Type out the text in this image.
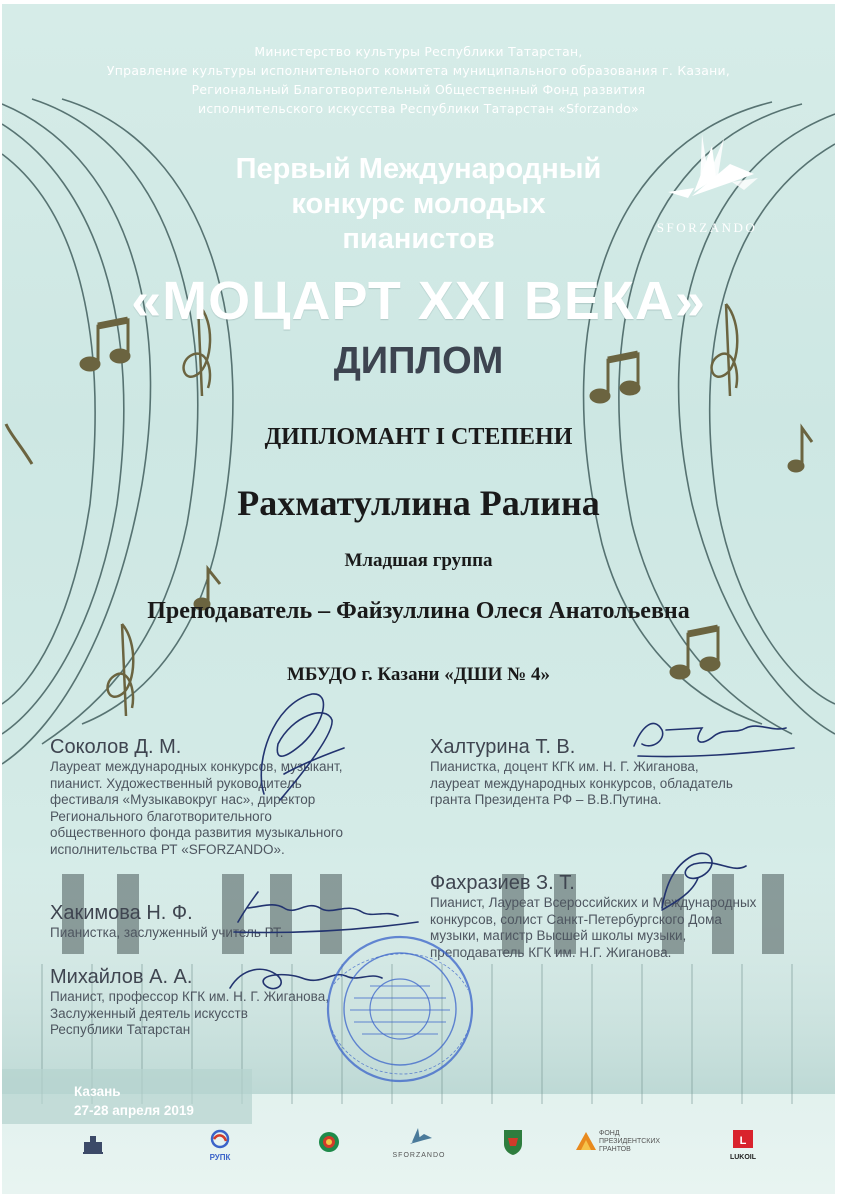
Министерство культуры Республики Татарстан,
Управление культуры исполнительного комитета муниципального образования г. Казани,
Региональный Благотворительный Общественный Фонд развития
исполнительского искусства Республики Татарстан «Sforzando»
SFORZANDO
Первый Международный
конкурс молодых
пианистов
«МОЦАРТ XXI ВЕКА»
ДИПЛОМ
ДИПЛОМАНТ I СТЕПЕНИ
Рахматуллина Ралина
Младшая группа
Преподаватель – Файзуллина Олеся Анатольевна
МБУДО г. Казани «ДШИ № 4»
Соколов Д. М.
Лауреат международных конкурсов, музыкант,
пианист. Художественный руководитель
фестиваля «Музыкавокруг нас», директор
Регионального благотворительного
общественного фонда развития музыкального
исполнительства РТ «SFORZANDO».
Халтурина Т. В.
Пианистка, доцент КГК им. Н. Г. Жиганова,
лауреат международных конкурсов, обладатель
гранта Президента РФ – В.В.Путина.
Фахразиев З. Т.
Пианист, Лауреат Всероссийских и Международных
конкурсов, солист Санкт-Петербургского Дома
музыки, магистр Высшей школы музыки,
преподаватель КГК им. Н.Г. Жиганова.
Хакимова Н. Ф.
Пианистка, заслуженный учитель РТ.
Михайлов А. А.
Пианист, профессор КГК им. Н. Г. Жиганова,
Заслуженный деятель искусств
Республики Татарстан
Казань
27-28 апреля 2019
РУПК	SFORZANDO
ФОНД ПРЕЗИДЕНТСКИХ ГРАНТОВ
L
LUKOIL
